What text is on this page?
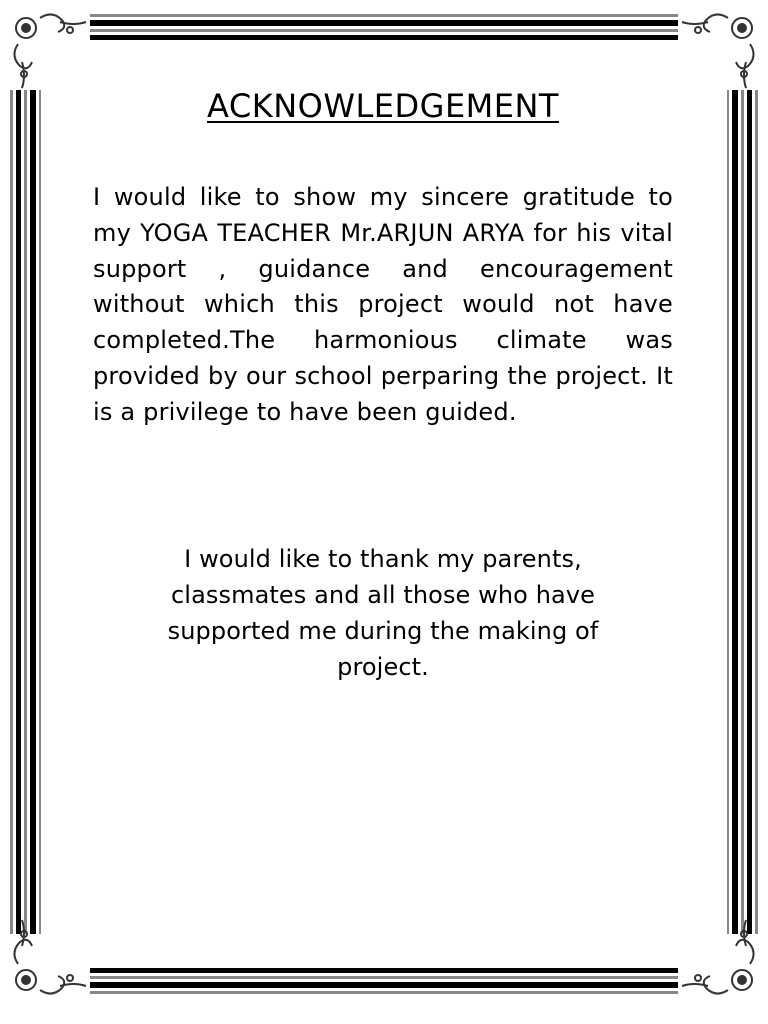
ACKNOWLEDGEMENT

I would like to show my sincere gratitude to my YOGA TEACHER Mr.ARJUN ARYA for his vital support , guidance and encouragement without which this project would not have completed.The harmonious climate was provided by our school perparing the project. It is a privilege to have been guided.

I would like to thank my parents, classmates and all those who have supported me during the making of project.
